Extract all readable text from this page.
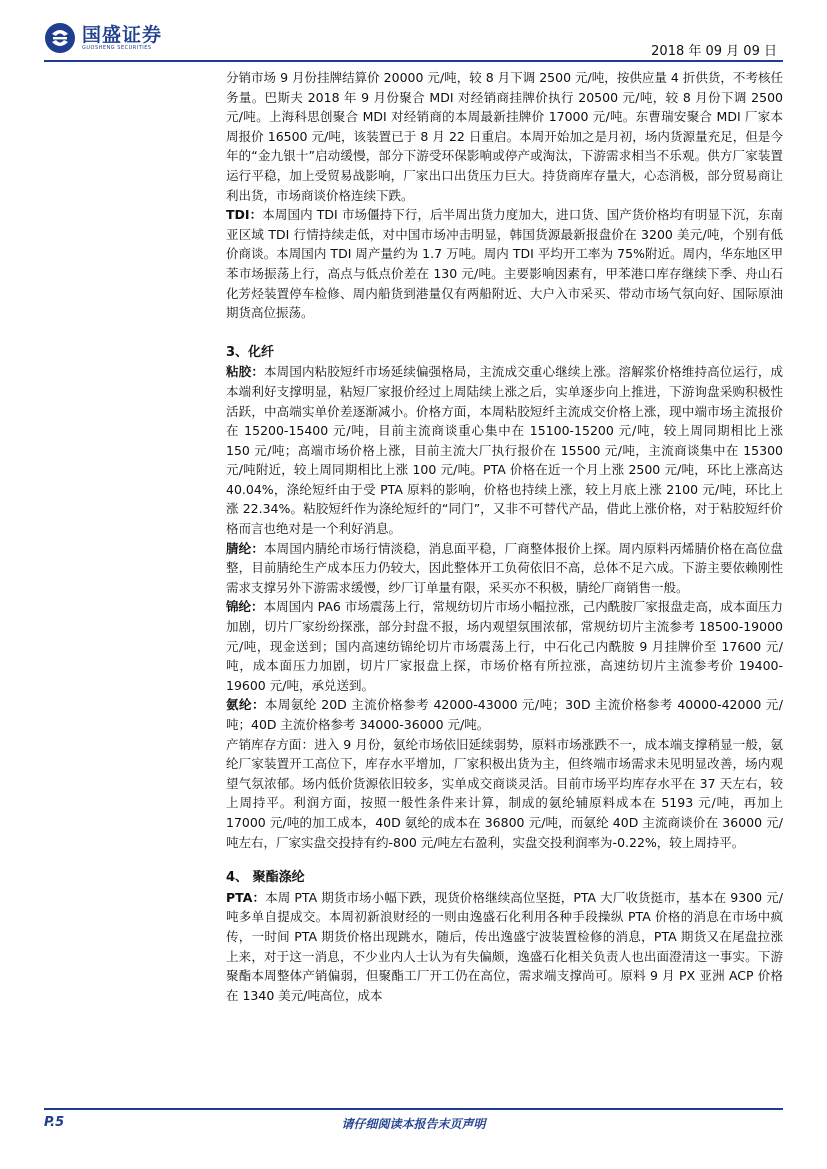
国盛证券
GUOSHENG SECURITIES	2018 年 09 月 09 日

分销市场 9 月份挂牌结算价 20000 元/吨，较 8 月下调 2500 元/吨，按供应量 4 折供货，不考核任务量。巴斯夫 2018 年 9 月份聚合 MDI 对经销商挂牌价执行 20500 元/吨，较 8 月份下调 2500 元/吨。上海科思创聚合 MDI 对经销商的本周最新挂牌价 17000 元/吨。东曹瑞安聚合 MDI 厂家本周报价 16500 元/吨，该装置已于 8 月 22 日重启。本周开始加之是月初，场内货源量充足，但是今年的“金九银十”启动缓慢，部分下游受环保影响或停产或淘汰，下游需求相当不乐观。供方厂家装置运行平稳，加上受贸易战影响，厂家出口出货压力巨大。持货商库存量大，心态消极，部分贸易商让利出货，市场商谈价格连续下跌。

TDI：本周国内 TDI 市场僵持下行，后半周出货力度加大，进口货、国产货价格均有明显下沉，东南亚区域 TDI 行情持续走低，对中国市场冲击明显，韩国货源最新报盘价在 3200 美元/吨，个别有低价商谈。本周国内 TDI 周产量约为 1.7 万吨。周内 TDI 平均开工率为 75%附近。周内，华东地区甲苯市场振荡上行，高点与低点价差在 130 元/吨。主要影响因素有，甲苯港口库存继续下季、舟山石化芳烃装置停车检修、周内船货到港量仅有两船附近、大户入市采买、带动市场气氛向好、国际原油期货高位振荡。

3、化纤

粘胶：本周国内粘胶短纤市场延续偏强格局，主流成交重心继续上涨。溶解浆价格维持高位运行，成本端利好支撑明显，粘短厂家报价经过上周陆续上涨之后，实单逐步向上推进，下游询盘采购积极性活跃，中高端实单价差逐渐减小。价格方面，本周粘胶短纤主流成交价格上涨，现中端市场主流报价在 15200-15400 元/吨，目前主流商谈重心集中在 15100-15200 元/吨，较上周同期相比上涨 150 元/吨；高端市场价格上涨，目前主流大厂执行报价在 15500 元/吨，主流商谈集中在 15300 元/吨附近，较上周同期相比上涨 100 元/吨。PTA 价格在近一个月上涨 2500 元/吨，环比上涨高达 40.04%，涤纶短纤由于受 PTA 原料的影响，价格也持续上涨，较上月底上涨 2100 元/吨，环比上涨 22.34%。粘胶短纤作为涤纶短纤的“同门”，又非不可替代产品，借此上涨价格，对于粘胶短纤价格而言也绝对是一个利好消息。

腈纶：本周国内腈纶市场行情淡稳，消息面平稳，厂商整体报价上探。周内原料丙烯腈价格在高位盘整，目前腈纶生产成本压力仍较大，因此整体开工负荷依旧不高，总体不足六成。下游主要依赖刚性需求支撑另外下游需求缓慢，纱厂订单量有限，采买亦不积极，腈纶厂商销售一般。

锦纶：本周国内 PA6 市场震荡上行，常规纺切片市场小幅拉涨，己内酰胺厂家报盘走高，成本面压力加剧，切片厂家纷纷探涨，部分封盘不报，场内观望氛围浓郁，常规纺切片主流参考 18500-19000 元/吨，现金送到；国内高速纺锦纶切片市场震荡上行，中石化己内酰胺 9 月挂牌价至 17600 元/吨，成本面压力加剧，切片厂家报盘上探，市场价格有所拉涨，高速纺切片主流参考价 19400-19600 元/吨，承兑送到。

氨纶：本周氨纶 20D 主流价格参考 42000-43000 元/吨；30D 主流价格参考 40000-42000 元/吨；40D 主流价格参考 34000-36000 元/吨。

产销库存方面：进入 9 月份，氨纶市场依旧延续弱势，原料市场涨跌不一，成本端支撑稍显一般，氨纶厂家装置开工高位下，库存水平增加，厂家积极出货为主，但终端市场需求未见明显改善，场内观望气氛浓郁。场内低价货源依旧较多，实单成交商谈灵活。目前市场平均库存水平在 37 天左右，较上周持平。利润方面，按照一般性条件来计算，制成的氨纶辅原料成本在 5193 元/吨，再加上 17000 元/吨的加工成本，40D 氨纶的成本在 36800 元/吨，而氨纶 40D 主流商谈价在 36000 元/吨左右，厂家实盘交投持有约-800 元/吨左右盈利，实盘交投利润率为-0.22%，较上周持平。

4、 聚酯涤纶

PTA：本周 PTA 期货市场小幅下跌，现货价格继续高位坚挺，PTA 大厂收货挺市，基本在 9300 元/吨多单自提成交。本周初新浪财经的一则由逸盛石化利用各种手段操纵 PTA 价格的消息在市场中疯传，一时间 PTA 期货价格出现跳水，随后，传出逸盛宁波装置检修的消息，PTA 期货又在尾盘拉涨上来，对于这一消息，不少业内人士认为有失偏颇，逸盛石化相关负责人也出面澄清这一事实。下游聚酯本周整体产销偏弱，但聚酯工厂开工仍在高位，需求端支撑尚可。原料 9 月 PX 亚洲 ACP 价格在 1340 美元/吨高位，成本

P.5	请仔细阅读本报告末页声明
